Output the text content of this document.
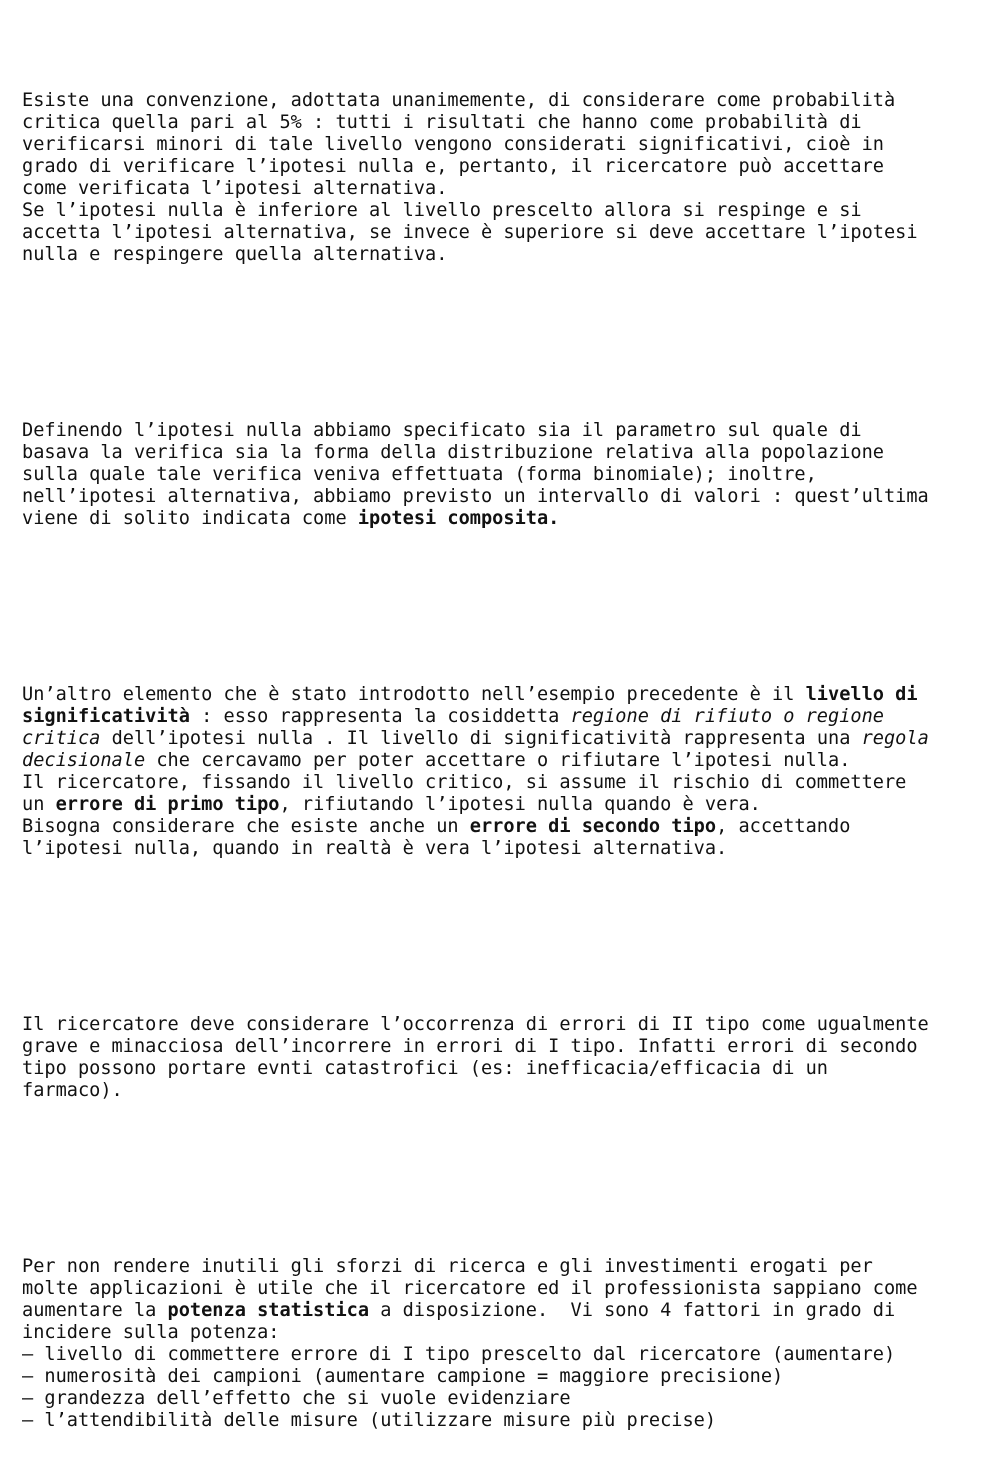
Esiste una convenzione, adottata unanimemente, di considerare come probabilità
critica quella pari al 5% : tutti i risultati che hanno come probabilità di
verificarsi minori di tale livello vengono considerati significativi, cioè in
grado di verificare l’ipotesi nulla e, pertanto, il ricercatore può accettare
come verificata l’ipotesi alternativa.
Se l’ipotesi nulla è inferiore al livello prescelto allora si respinge e si
accetta l’ipotesi alternativa, se invece è superiore si deve accettare l’ipotesi
nulla e respingere quella alternativa.

Definendo l’ipotesi nulla abbiamo specificato sia il parametro sul quale di
basava la verifica sia la forma della distribuzione relativa alla popolazione
sulla quale tale verifica veniva effettuata (forma binomiale); inoltre,
nell’ipotesi alternativa, abbiamo previsto un intervallo di valori : quest’ultima
viene di solito indicata come ipotesi composita.

Un’altro elemento che è stato introdotto nell’esempio precedente è il livello di
significatività : esso rappresenta la cosiddetta regione di rifiuto o regione
critica dell’ipotesi nulla . Il livello di significatività rappresenta una regola
decisionale che cercavamo per poter accettare o rifiutare l’ipotesi nulla.
Il ricercatore, fissando il livello critico, si assume il rischio di commettere
un errore di primo tipo, rifiutando l’ipotesi nulla quando è vera.
Bisogna considerare che esiste anche un errore di secondo tipo, accettando
l’ipotesi nulla, quando in realtà è vera l’ipotesi alternativa.

Il ricercatore deve considerare l’occorrenza di errori di II tipo come ugualmente
grave e minacciosa dell’incorrere in errori di I tipo. Infatti errori di secondo
tipo possono portare evnti catastrofici (es: inefficacia/efficacia di un
farmaco).

Per non rendere inutili gli sforzi di ricerca e gli investimenti erogati per
molte applicazioni è utile che il ricercatore ed il professionista sappiano come
aumentare la potenza statistica a disposizione.  Vi sono 4 fattori in grado di
incidere sulla potenza:
– livello di commettere errore di I tipo prescelto dal ricercatore (aumentare)
– numerosità dei campioni (aumentare campione = maggiore precisione)
– grandezza dell’effetto che si vuole evidenziare
– l’attendibilità delle misure (utilizzare misure più precise)
